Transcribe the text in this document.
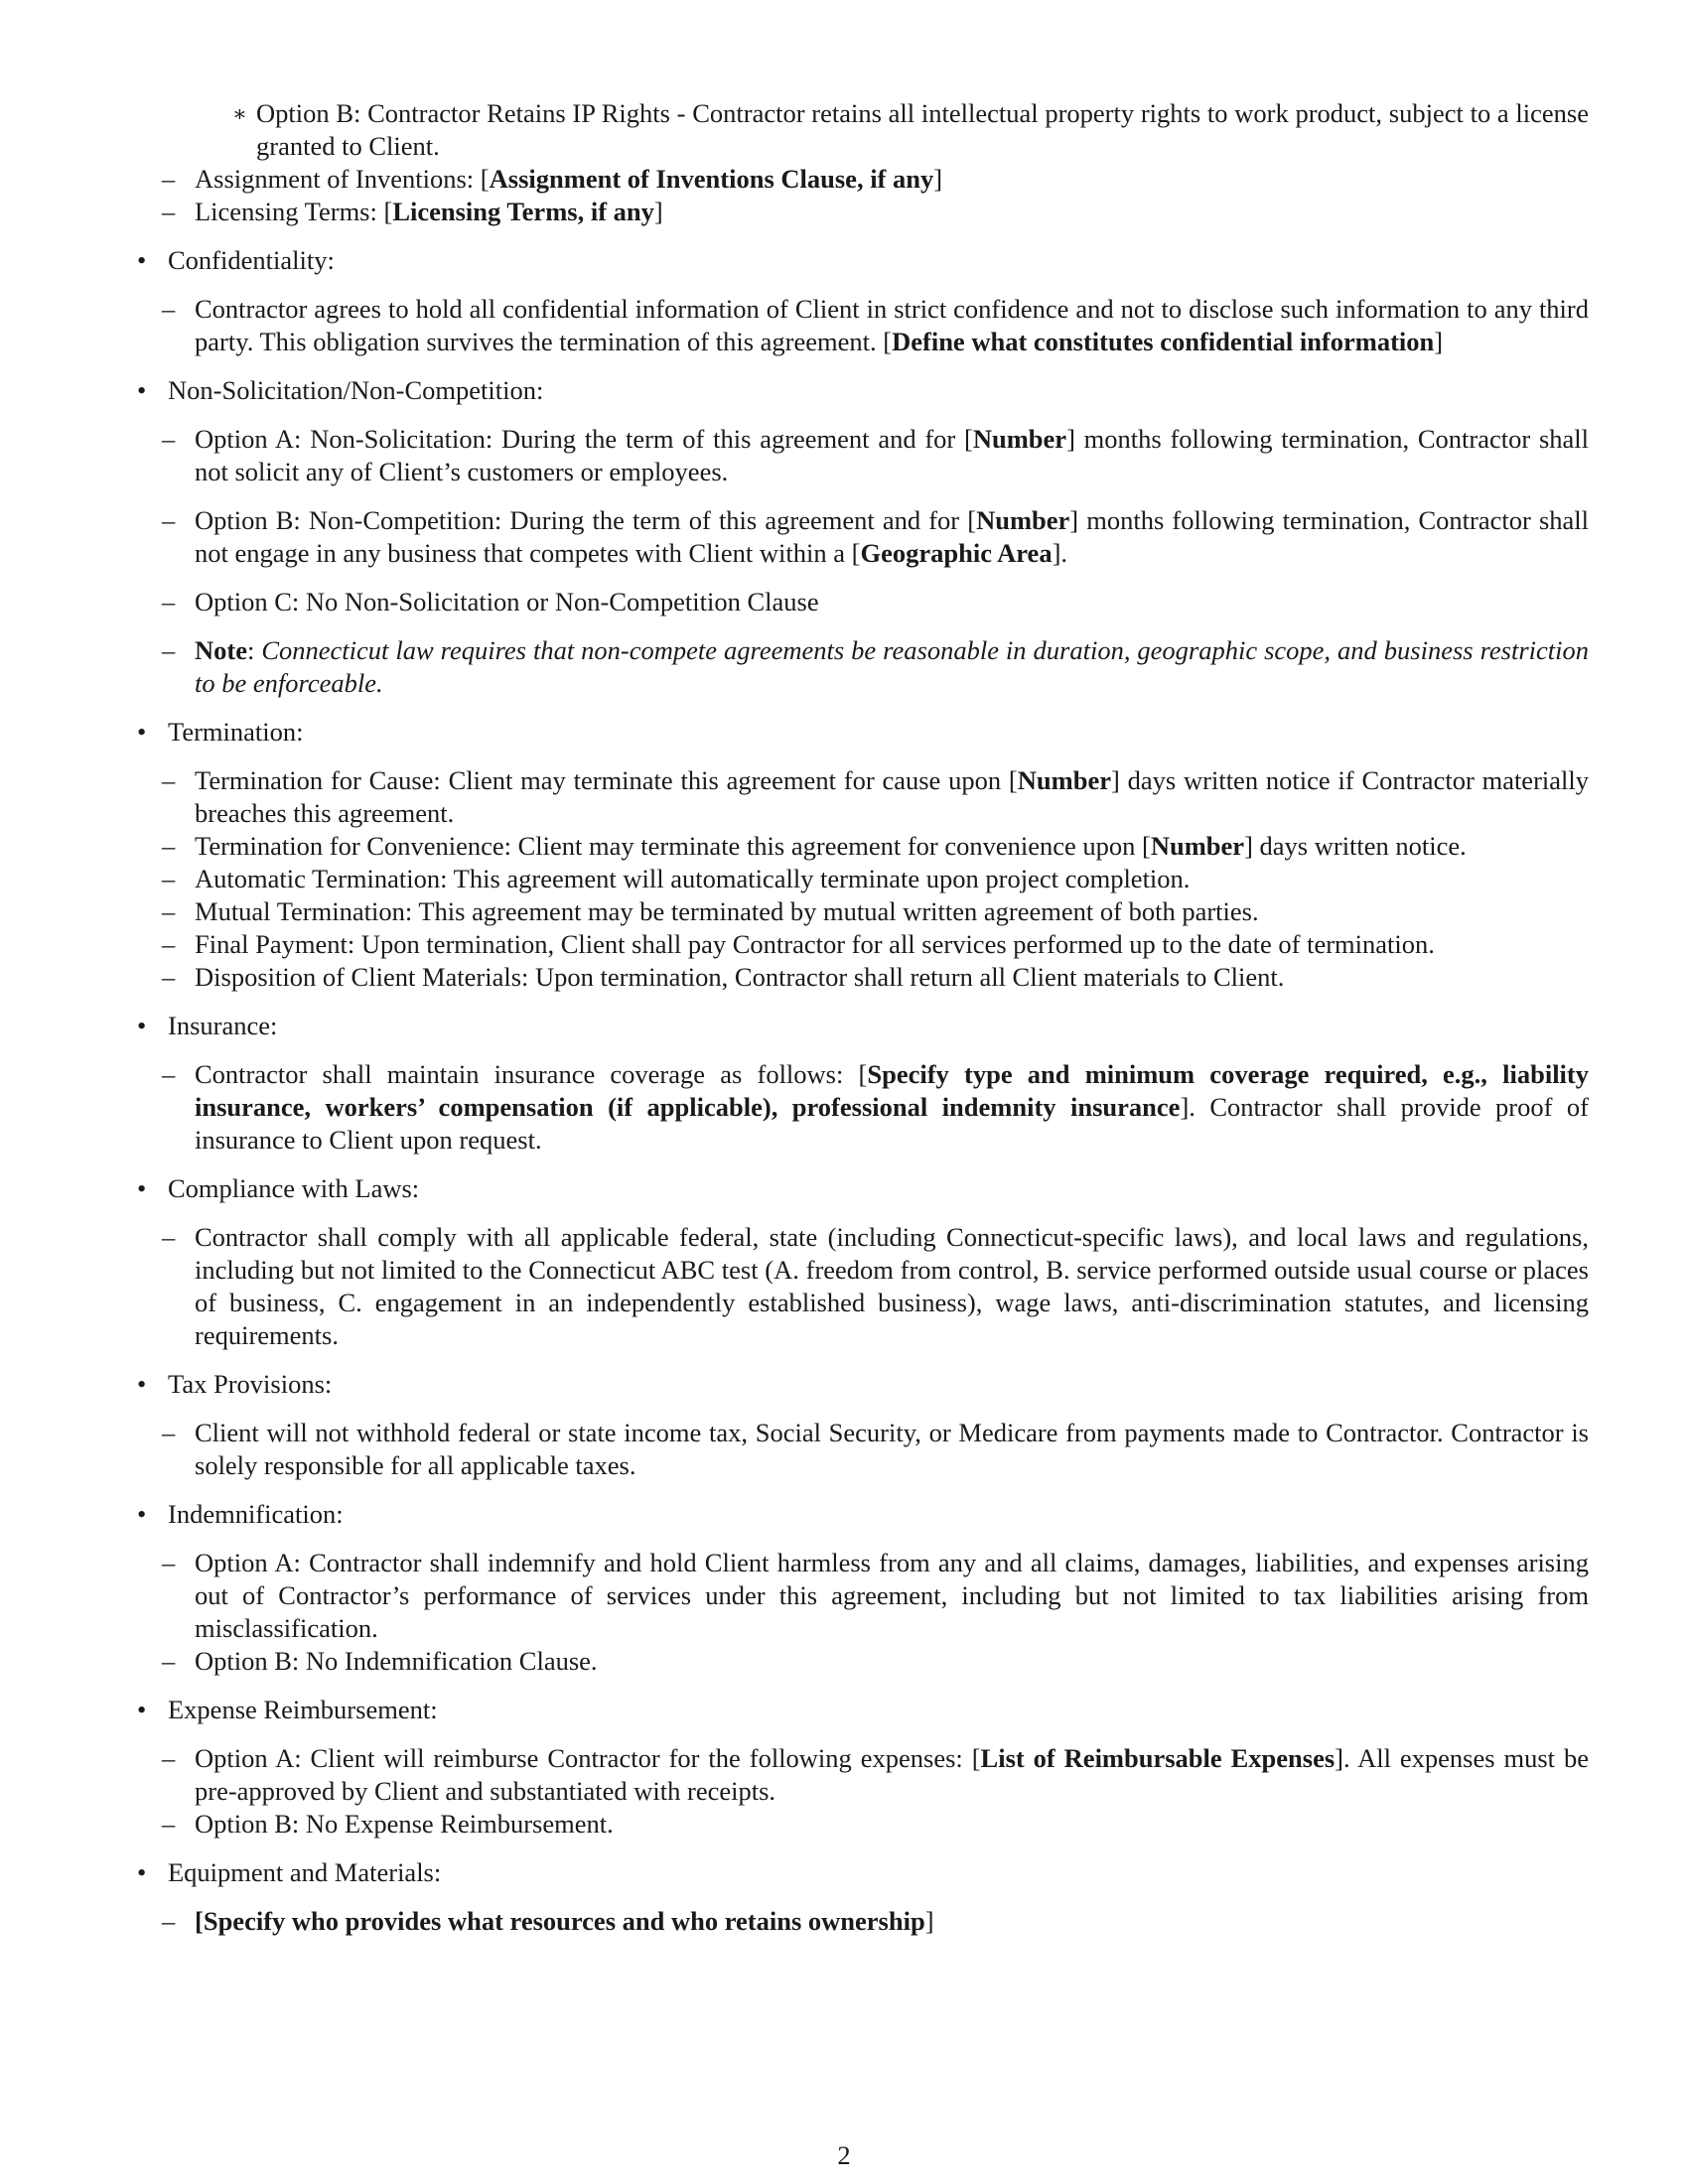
∗ Option B: Contractor Retains IP Rights - Contractor retains all intellectual property rights to work product, subject to a license granted to Client.
– Assignment of Inventions: [Assignment of Inventions Clause, if any]
– Licensing Terms: [Licensing Terms, if any]
• Confidentiality:
– Contractor agrees to hold all confidential information of Client in strict confidence and not to disclose such information to any third party. This obligation survives the termination of this agreement. [Define what constitutes confidential information]
• Non-Solicitation/Non-Competition:
– Option A: Non-Solicitation: During the term of this agreement and for [Number] months following termination, Contractor shall not solicit any of Client’s customers or employees.
– Option B: Non-Competition: During the term of this agreement and for [Number] months following termination, Contractor shall not engage in any business that competes with Client within a [Geographic Area].
– Option C: No Non-Solicitation or Non-Competition Clause
– Note: Connecticut law requires that non-compete agreements be reasonable in duration, geographic scope, and business restriction to be enforceable.
• Termination:
– Termination for Cause: Client may terminate this agreement for cause upon [Number] days written notice if Contractor materially breaches this agreement.
– Termination for Convenience: Client may terminate this agreement for convenience upon [Number] days written notice.
– Automatic Termination: This agreement will automatically terminate upon project completion.
– Mutual Termination: This agreement may be terminated by mutual written agreement of both parties.
– Final Payment: Upon termination, Client shall pay Contractor for all services performed up to the date of termination.
– Disposition of Client Materials: Upon termination, Contractor shall return all Client materials to Client.
• Insurance:
– Contractor shall maintain insurance coverage as follows: [Specify type and minimum coverage required, e.g., liability insurance, workers’ compensation (if applicable), professional indemnity insurance]. Contractor shall provide proof of insurance to Client upon request.
• Compliance with Laws:
– Contractor shall comply with all applicable federal, state (including Connecticut-specific laws), and local laws and regulations, including but not limited to the Connecticut ABC test (A. freedom from control, B. service performed outside usual course or places of business, C. engagement in an independently established business), wage laws, anti-discrimination statutes, and licensing requirements.
• Tax Provisions:
– Client will not withhold federal or state income tax, Social Security, or Medicare from payments made to Contractor. Contractor is solely responsible for all applicable taxes.
• Indemnification:
– Option A: Contractor shall indemnify and hold Client harmless from any and all claims, damages, liabilities, and expenses arising out of Contractor’s performance of services under this agreement, including but not limited to tax liabilities arising from misclassification.
– Option B: No Indemnification Clause.
• Expense Reimbursement:
– Option A: Client will reimburse Contractor for the following expenses: [List of Reimbursable Expenses]. All expenses must be pre-approved by Client and substantiated with receipts.
– Option B: No Expense Reimbursement.
• Equipment and Materials:
– [Specify who provides what resources and who retains ownership]
2
